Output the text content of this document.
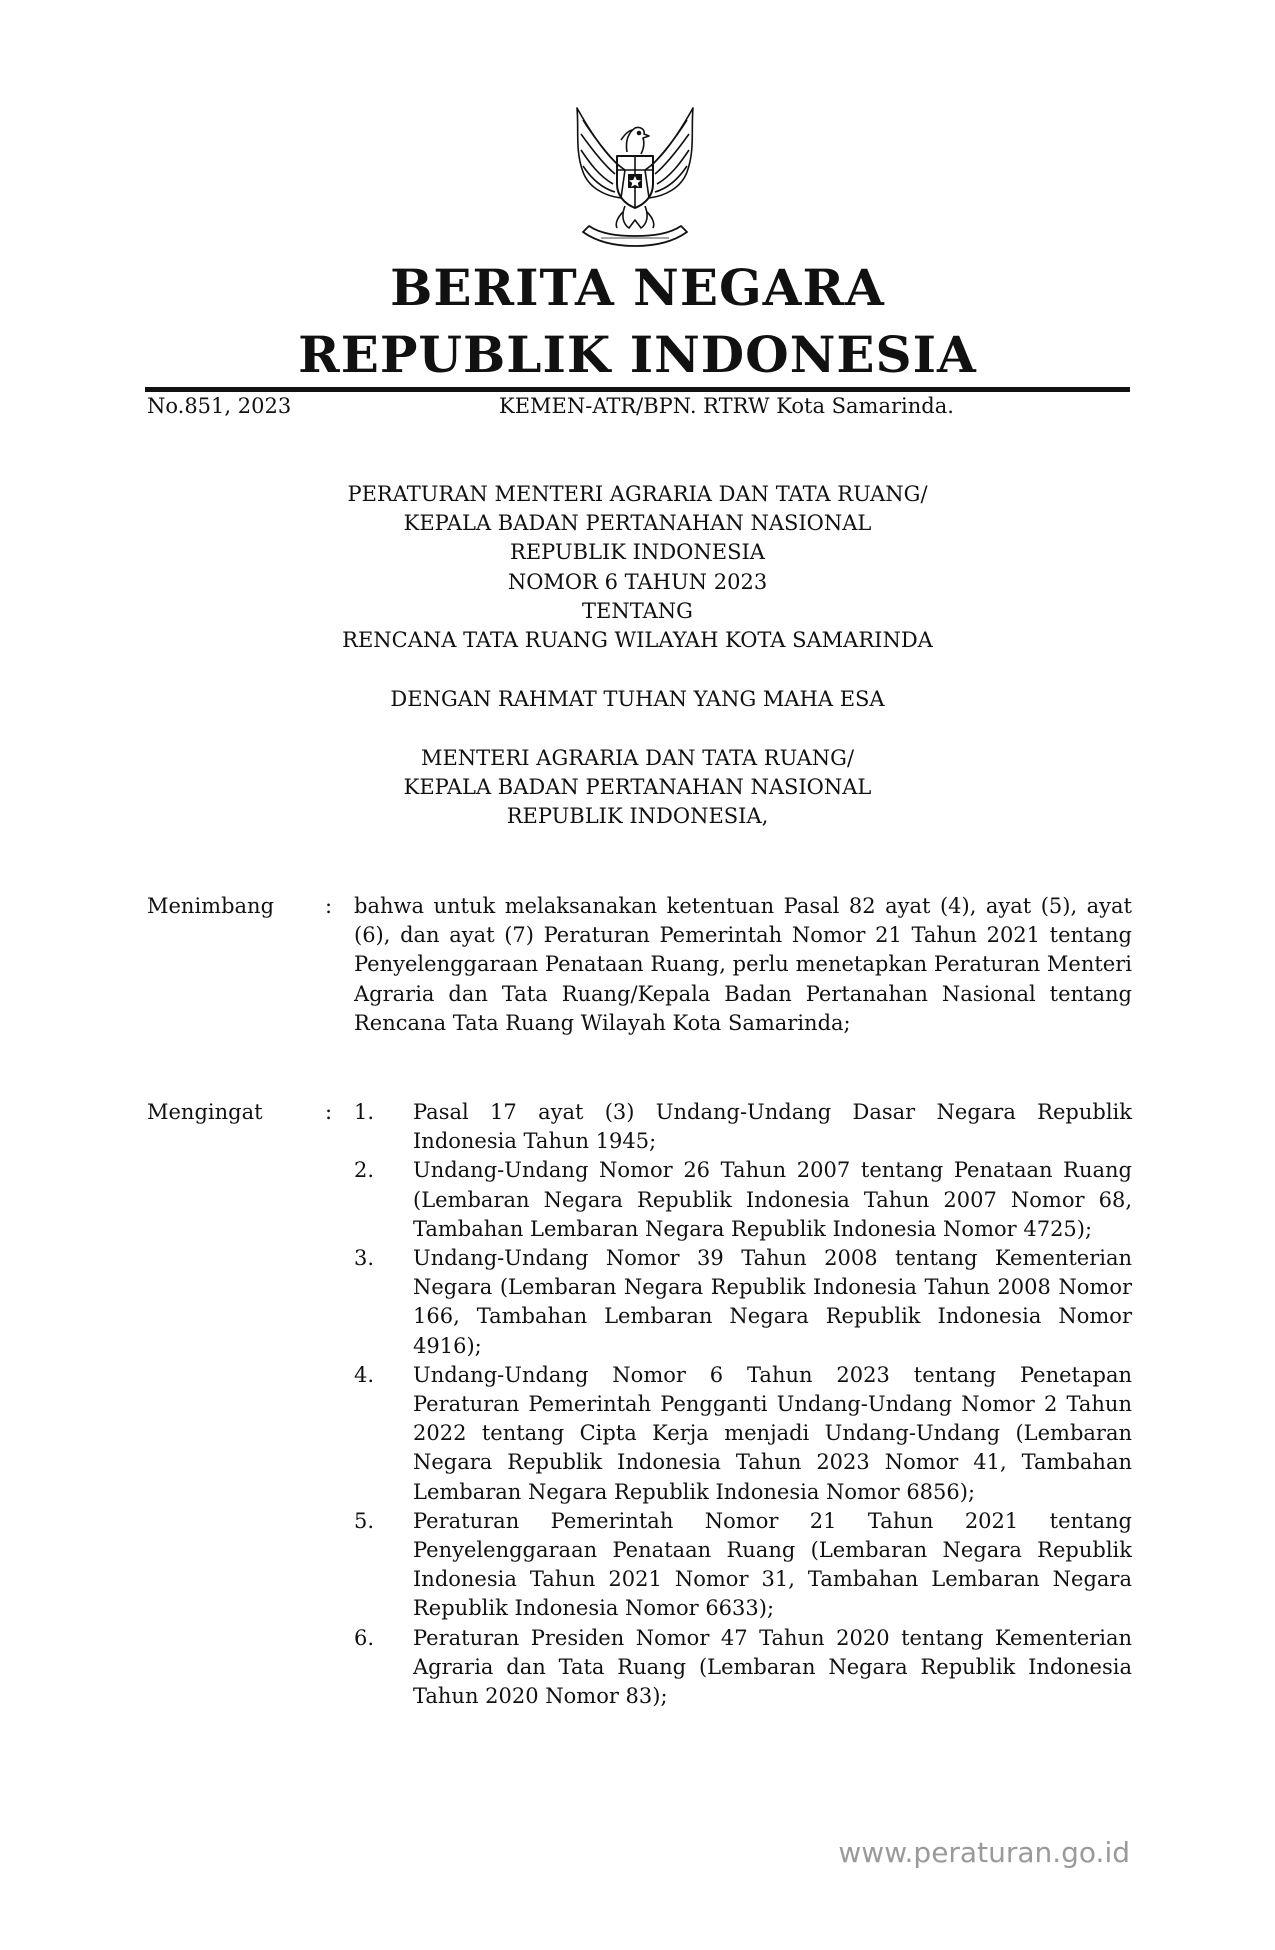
BERITA NEGARA
REPUBLIK INDONESIA
No.851, 2023	KEMEN-ATR/BPN. RTRW Kota Samarinda.
PERATURAN MENTERI AGRARIA DAN TATA RUANG/
KEPALA BADAN PERTANAHAN NASIONAL
REPUBLIK INDONESIA
NOMOR 6 TAHUN 2023
TENTANG
RENCANA TATA RUANG WILAYAH KOTA SAMARINDA
DENGAN RAHMAT TUHAN YANG MAHA ESA
MENTERI AGRARIA DAN TATA RUANG/
KEPALA BADAN PERTANAHAN NASIONAL
REPUBLIK INDONESIA,
Menimbang : bahwa untuk melaksanakan ketentuan Pasal 82 ayat (4), ayat (5), ayat (6), dan ayat (7) Peraturan Pemerintah Nomor 21 Tahun 2021 tentang Penyelenggaraan Penataan Ruang, perlu menetapkan Peraturan Menteri Agraria dan Tata Ruang/Kepala Badan Pertanahan Nasional tentang Rencana Tata Ruang Wilayah Kota Samarinda;
Mengingat	: 1. Pasal 17 ayat (3) Undang-Undang Dasar Negara Republik Indonesia Tahun 1945;
2. Undang-Undang Nomor 26 Tahun 2007 tentang Penataan Ruang (Lembaran Negara Republik Indonesia Tahun 2007 Nomor 68, Tambahan Lembaran Negara Republik Indonesia Nomor 4725);
3. Undang-Undang Nomor 39 Tahun 2008 tentang Kementerian Negara (Lembaran Negara Republik Indonesia Tahun 2008 Nomor 166, Tambahan Lembaran Negara Republik Indonesia Nomor 4916);
4. Undang-Undang Nomor 6 Tahun 2023 tentang Penetapan Peraturan Pemerintah Pengganti Undang-Undang Nomor 2 Tahun 2022 tentang Cipta Kerja menjadi Undang-Undang (Lembaran Negara Republik Indonesia Tahun 2023 Nomor 41, Tambahan Lembaran Negara Republik Indonesia Nomor 6856);
5. Peraturan Pemerintah Nomor 21 Tahun 2021 tentang Penyelenggaraan Penataan Ruang (Lembaran Negara Republik Indonesia Tahun 2021 Nomor 31, Tambahan Lembaran Negara Republik Indonesia Nomor 6633);
6. Peraturan Presiden Nomor 47 Tahun 2020 tentang Kementerian Agraria dan Tata Ruang (Lembaran Negara Republik Indonesia Tahun 2020 Nomor 83);
www.peraturan.go.id
